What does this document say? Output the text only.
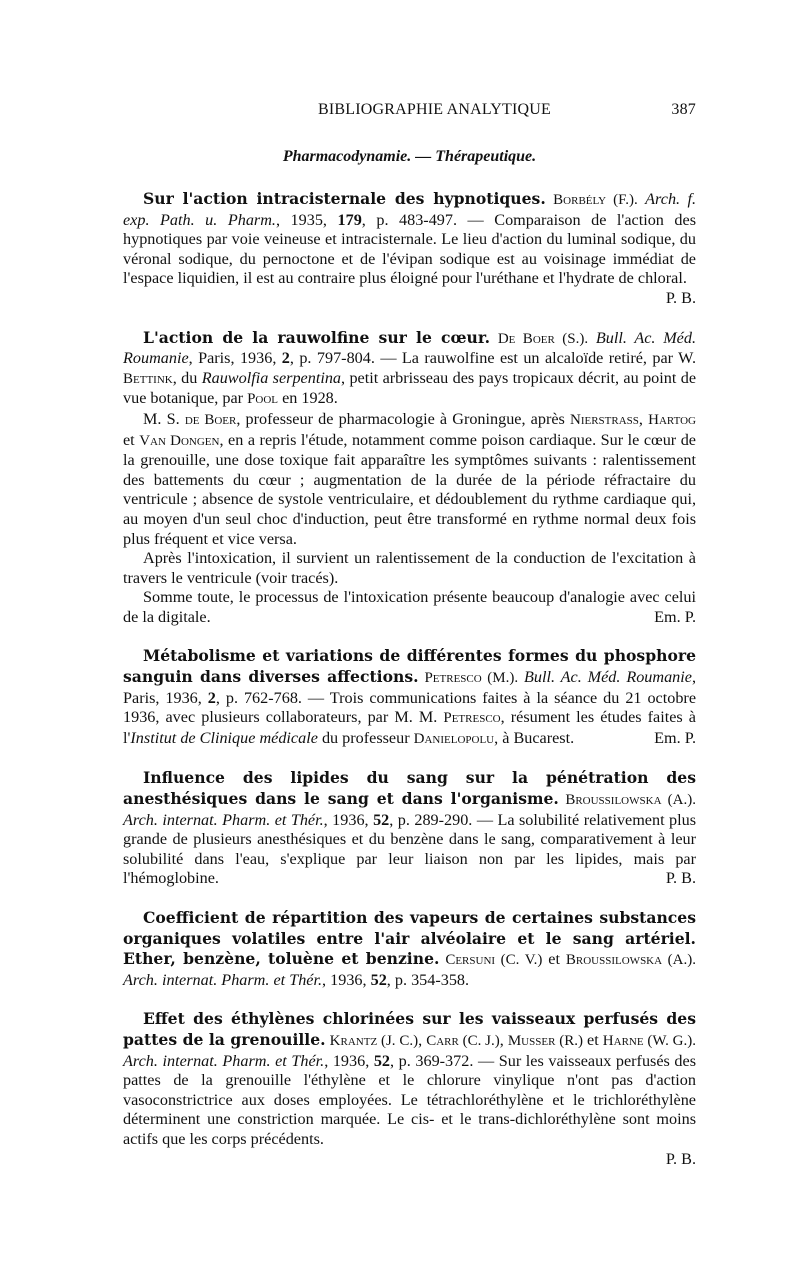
BIBLIOGRAPHIE ANALYTIQUE	387
Pharmacodynamie. — Thérapeutique.

Sur l'action intracisternale des hypnotiques. Borbély (F.). Arch. f. exp. Path. u. Pharm., 1935, 179, p. 483-497. — Comparaison de l'action des hypnotiques par voie veineuse et intracisternale. Le lieu d'action du luminal sodique, du véronal sodique, du pernoctone et de l'évipan sodique est au voisinage immédiat de l'espace liquidien, il est au contraire plus éloigné pour l'uréthane et l'hydrate de chloral.
P. B.

L'action de la rauwolfine sur le cœur. De Boer (S.). Bull. Ac. Méd. Roumanie, Paris, 1936, 2, p. 797-804. — La rauwolfine est un alcaloïde retiré, par W. Bettink, du Rauwolfia serpentina, petit arbrisseau des pays tropicaux décrit, au point de vue botanique, par Pool en 1928.

M. S. de Boer, professeur de pharmacologie à Groningue, après Nierstrass, Hartog et Van Dongen, en a repris l'étude, notamment comme poison cardiaque. Sur le cœur de la grenouille, une dose toxique fait apparaître les symptômes suivants : ralentissement des battements du cœur ; augmentation de la durée de la période réfractaire du ventricule ; absence de systole ventriculaire, et dédoublement du rythme cardiaque qui, au moyen d'un seul choc d'induction, peut être transformé en rythme normal deux fois plus fréquent et vice versa.

Après l'intoxication, il survient un ralentissement de la conduction de l'excitation à travers le ventricule (voir tracés).

Somme toute, le processus de l'intoxication présente beaucoup d'analogie avec celui de la digitale.	Em. P.

Métabolisme et variations de différentes formes du phosphore sanguin dans diverses affections. Petresco (M.). Bull. Ac. Méd. Roumanie, Paris, 1936, 2, p. 762-768. — Trois communications faites à la séance du 21 octobre 1936, avec plusieurs collaborateurs, par M. M. Petresco, résument les études faites à l'Institut de Clinique médicale du professeur Danielopolu, à Bucarest.	Em. P.

Influence des lipides du sang sur la pénétration des anesthésiques dans le sang et dans l'organisme. Broussilowska (A.). Arch. internat. Pharm. et Thér., 1936, 52, p. 289-290. — La solubilité relativement plus grande de plusieurs anesthésiques et du benzène dans le sang, comparativement à leur solubilité dans l'eau, s'explique par leur liaison non par les lipides, mais par l'hémoglobine.	P. B.

Coefficient de répartition des vapeurs de certaines substances organiques volatiles entre l'air alvéolaire et le sang artériel. Ether, benzène, toluène et benzine. Cersuni (C. V.) et Broussilowska (A.). Arch. internat. Pharm. et Thér., 1936, 52, p. 354-358.

Effet des éthylènes chlorinées sur les vaisseaux perfusés des pattes de la grenouille. Krantz (J. C.), Carr (C. J.), Musser (R.) et Harne (W. G.). Arch. internat. Pharm. et Thér., 1936, 52, p. 369-372. — Sur les vaisseaux perfusés des pattes de la grenouille l'éthylène et le chlorure vinylique n'ont pas d'action vasoconstrictrice aux doses employées. Le tétrachloréthylène et le trichloréthylène déterminent une constriction marquée. Le cis- et le trans-dichloréthylène sont moins actifs que les corps précédents.

P. B.
